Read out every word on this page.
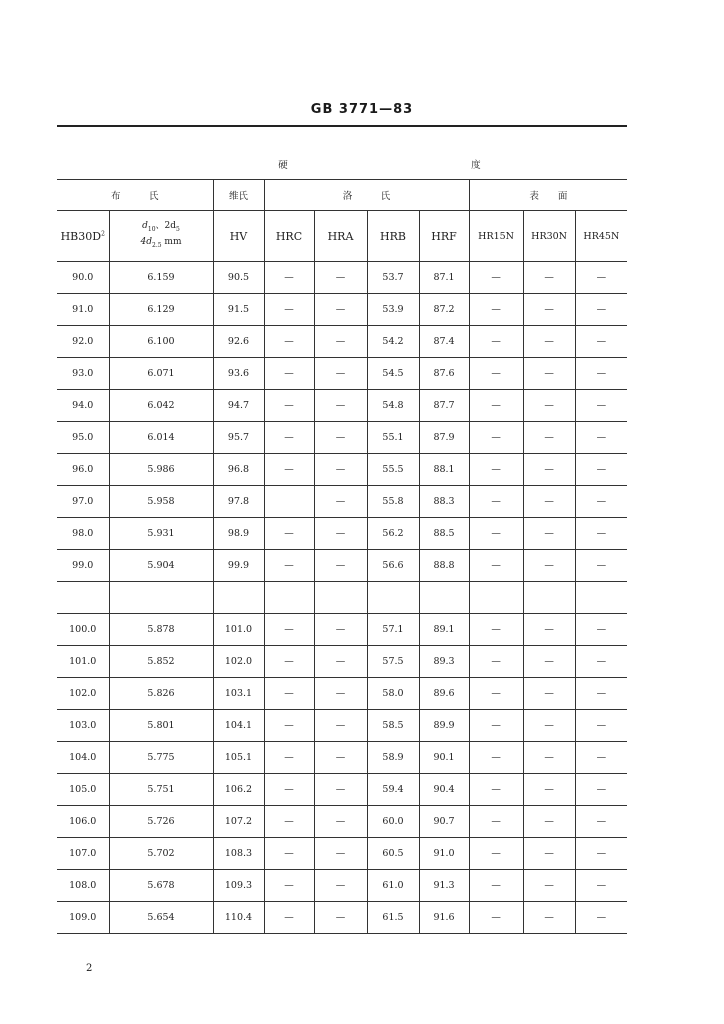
GB 3771—83
硬							度		
布　　　氏		维氏	洛　　　氏				表　　面		
$HB30D^2$	$d_{10}$、$2d_5$
$4d_{2.5}$ mm	HV	HRC	HRA	HRB	HRF	HR15N	HR30N	HR45N
90.0	6.159	90.5	—	—	53.7	87.1	—	—	—
91.0	6.129	91.5	—	—	53.9	87.2	—	—	—
92.0	6.100	92.6	—	—	54.2	87.4	—	—	—
93.0	6.071	93.6	—	—	54.5	87.6	—	—	—
94.0	6.042	94.7	—	—	54.8	87.7	—	—	—
95.0	6.014	95.7	—	—	55.1	87.9	—	—	—
96.0	5.986	96.8	—	—	55.5	88.1	—	—	—
97.0	5.958	97.8		—	55.8	88.3	—	—	—
98.0	5.931	98.9	—	—	56.2	88.5	—	—	—
99.0	5.904	99.9	—	—	56.6	88.8	—	—	—

100.0	5.878	101.0	—	—	57.1	89.1	—	—	—
101.0	5.852	102.0	—	—	57.5	89.3	—	—	—
102.0	5.826	103.1	—	—	58.0	89.6	—	—	—
103.0	5.801	104.1	—	—	58.5	89.9	—	—	—
104.0	5.775	105.1	—	—	58.9	90.1	—	—	—
105.0	5.751	106.2	—	—	59.4	90.4	—	—	—
106.0	5.726	107.2	—	—	60.0	90.7	—	—	—
107.0	5.702	108.3	—	—	60.5	91.0	—	—	—
108.0	5.678	109.3	—	—	61.0	91.3	—	—	—
109.0	5.654	110.4	—	—	61.5	91.6	—	—	—
2
